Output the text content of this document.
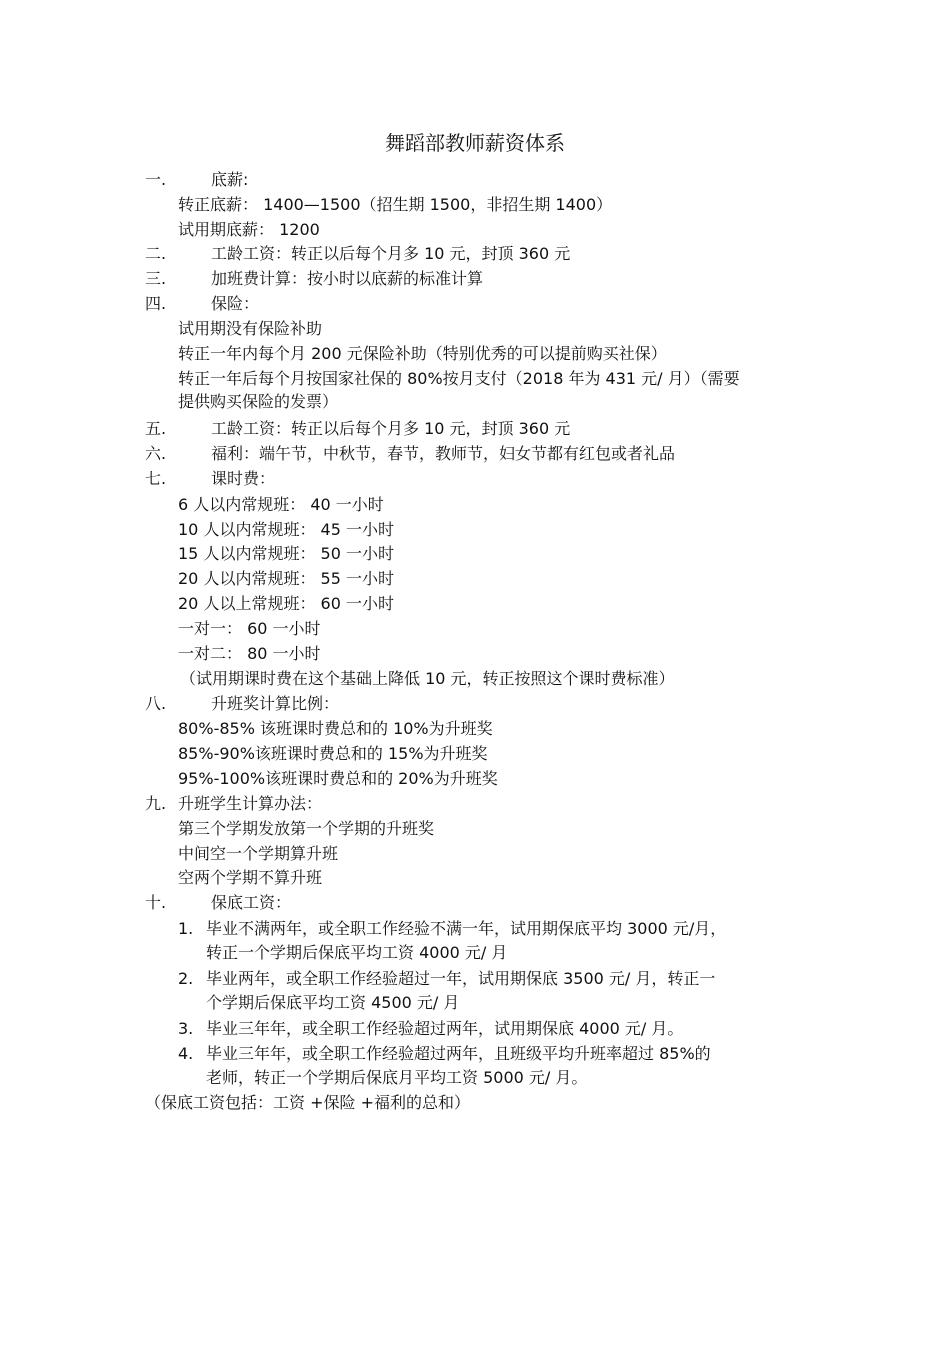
舞蹈部教师薪资体系
一.	底薪:
转正底薪： 1400—1500（招生期 1500，非招生期 1400）
试用期底薪： 1200
二.	工龄工资：转正以后每个月多 10 元，封顶 360 元
三.	加班费计算：按小时以底薪的标准计算
四.	保险：
试用期没有保险补助
转正一年内每个月 200 元保险补助（特别优秀的可以提前购买社保）
转正一年后每个月按国家社保的 80%按月支付（2018 年为 431 元/ 月）（需要
提供购买保险的发票）
五.	工龄工资：转正以后每个月多 10 元，封顶 360 元
六.	福利：端午节，中秋节，春节，教师节，妇女节都有红包或者礼品
七.	课时费：
6 人以内常规班： 40 一小时
10 人以内常规班： 45 一小时
15 人以内常规班： 50 一小时
20 人以内常规班： 55 一小时
20 人以上常规班： 60 一小时
一对一： 60 一小时
一对二： 80 一小时
（试用期课时费在这个基础上降低 10 元，转正按照这个课时费标准）
八.	升班奖计算比例：
80%-85% 该班课时费总和的 10%为升班奖
85%-90%该班课时费总和的 15%为升班奖
95%-100%该班课时费总和的 20%为升班奖
九. 升班学生计算办法：
第三个学期发放第一个学期的升班奖
中间空一个学期算升班
空两个学期不算升班
十.	保底工资：
1. 毕业不满两年，或全职工作经验不满一年，试用期保底平均 3000 元/月，
转正一个学期后保底平均工资 4000 元/ 月
2. 毕业两年，或全职工作经验超过一年，试用期保底 3500 元/ 月，转正一
个学期后保底平均工资 4500 元/ 月
3. 毕业三年年，或全职工作经验超过两年，试用期保底 4000 元/ 月。
4. 毕业三年年，或全职工作经验超过两年，且班级平均升班率超过 85%的
老师，转正一个学期后保底月平均工资 5000 元/ 月。
（保底工资包括：工资 +保险 +福利的总和）
